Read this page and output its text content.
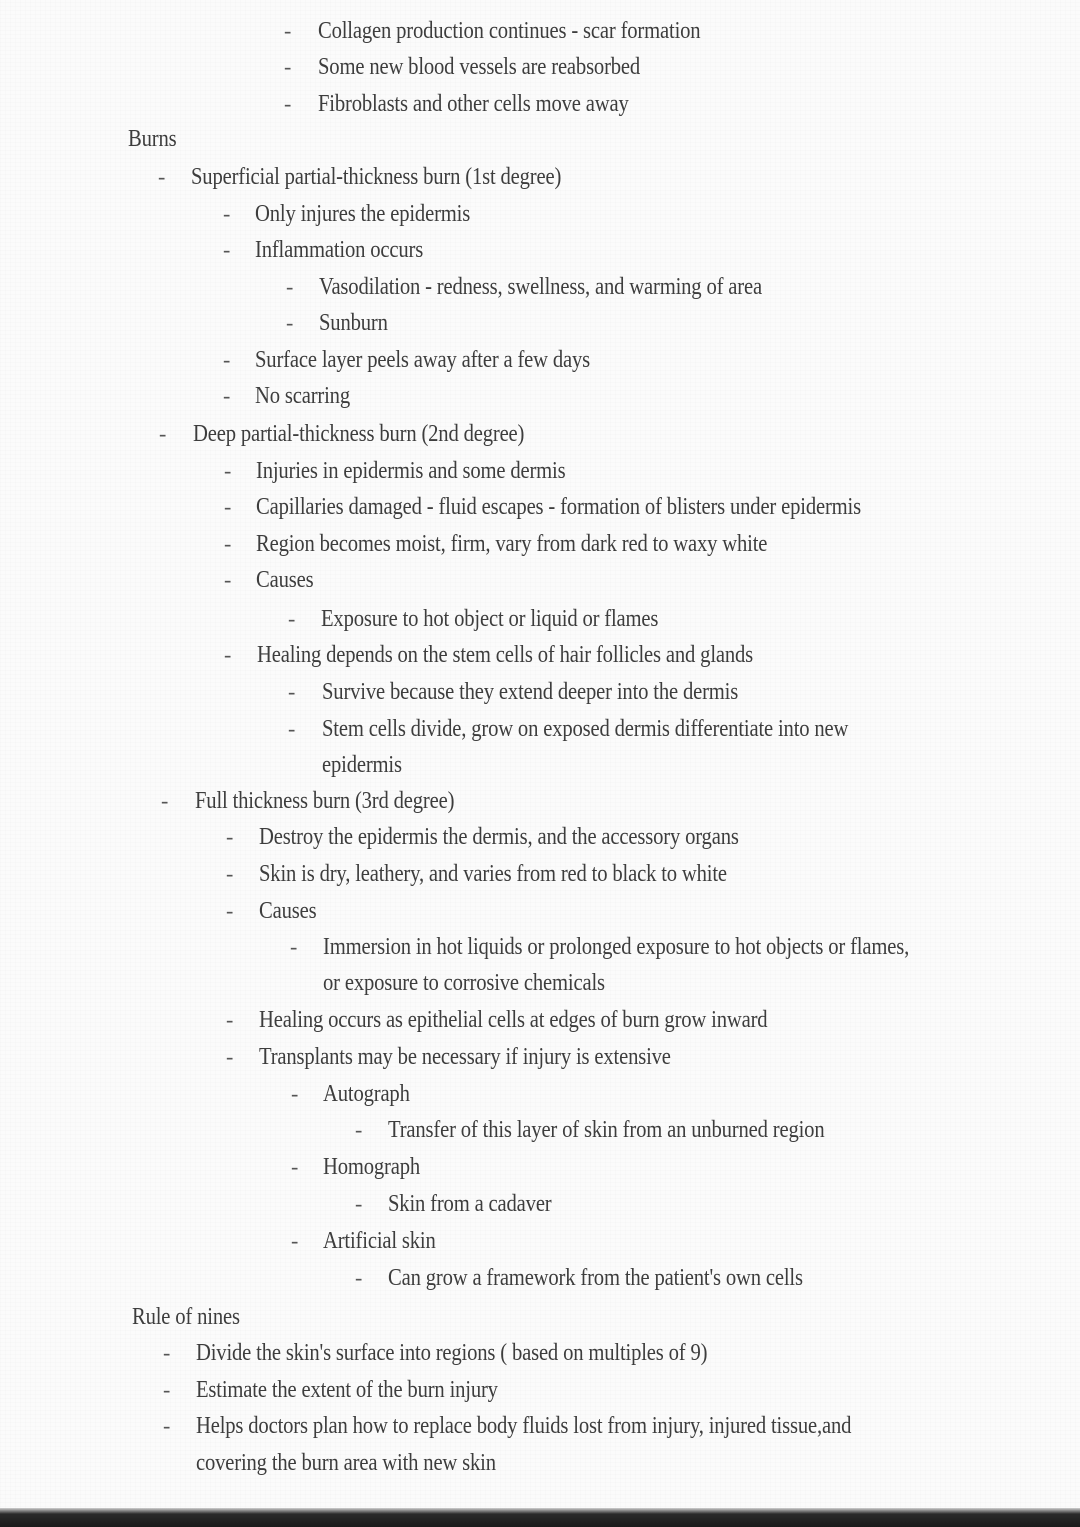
- Collagen production continues - scar formation
- Some new blood vessels are reabsorbed
- Fibroblasts and other cells move away
Burns
- Superficial partial-thickness burn (1st degree)
- Only injures the epidermis
- Inflammation occurs
- Vasodilation - redness, swellness, and warming of area
- Sunburn
- Surface layer peels away after a few days
- No scarring
- Deep partial-thickness burn (2nd degree)
- Injuries in epidermis and some dermis
- Capillaries damaged - fluid escapes - formation of blisters under epidermis
- Region becomes moist, firm, vary from dark red to waxy white
- Causes
- Exposure to hot object or liquid or flames
- Healing depends on the stem cells of hair follicles and glands
- Survive because they extend deeper into the dermis
- Stem cells divide, grow on exposed dermis differentiate into new
epidermis
- Full thickness burn (3rd degree)
- Destroy the epidermis the dermis, and the accessory organs
- Skin is dry, leathery, and varies from red to black to white
- Causes
- Immersion in hot liquids or prolonged exposure to hot objects or flames,
or exposure to corrosive chemicals
- Healing occurs as epithelial cells at edges of burn grow inward
- Transplants may be necessary if injury is extensive
- Autograph
- Transfer of this layer of skin from an unburned region
- Homograph
- Skin from a cadaver
- Artificial skin
- Can grow a framework from the patient's own cells
Rule of nines
- Divide the skin's surface into regions ( based on multiples of 9)
- Estimate the extent of the burn injury
- Helps doctors plan how to replace body fluids lost from injury, injured tissue,and
covering the burn area with new skin
